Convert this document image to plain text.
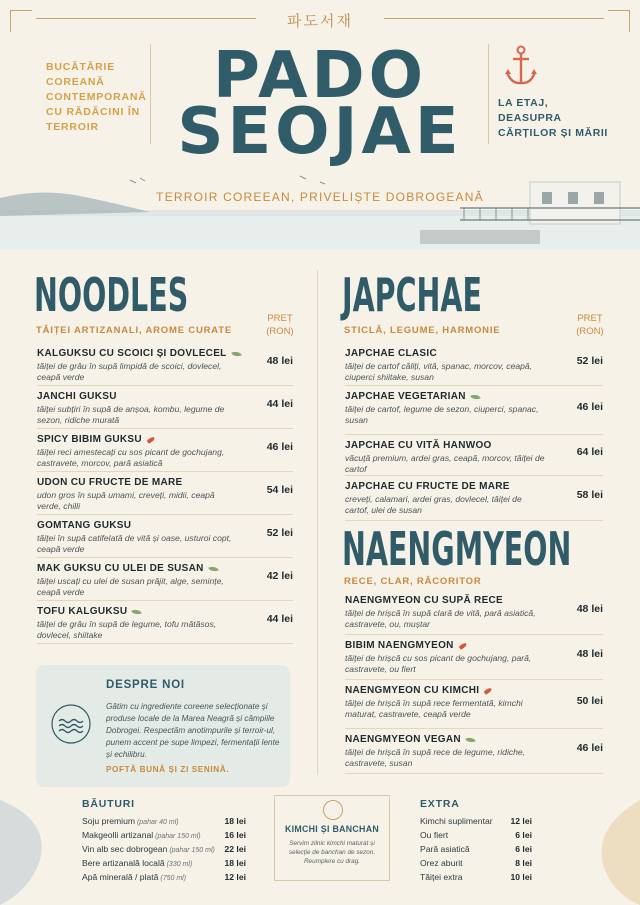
파도서재
PADO
SEOJAE
BUCĂTĂRIE COREANĂ CONTEMPORANĂ CU RĂDĂCINI ÎN TERROIR
LA ETAJ, DEASUPRA CĂRȚILOR ȘI MĂRII
TERROIR COREEAN, PRIVELIȘTE DOBROGEANĂ
NOODLES
TĂIȚEI ARTIZANALI, AROME CURATE
PREȚ
(RON)
KALGUKSU CU SCOICI ȘI DOVLECEL
tăiței de grâu în supă limpidă de scoici, dovlecel, ceapă verde
48 lei
JANCHI GUKSU
tăiței subțiri în supă de anșoa, kombu, legume de sezon, ridiche murată
44 lei
SPICY BIBIM GUKSU
tăiței reci amestecați cu sos picant de gochujang, castravete, morcov, pară asiatică
46 lei
UDON CU FRUCTE DE MARE
udon gros în supă umami, creveți, midii, ceapă verde, chilli
54 lei
GOMTANG GUKSU
tăiței în supă catifelată de vită și oase, usturoi copt, ceapă verde
52 lei
MAK GUKSU CU ULEI DE SUSAN
tăiței uscați cu ulei de susan prăjit, alge, semințe, ceapă verde
42 lei
TOFU KALGUKSU
tăiței de grâu în supă de legume, tofu mătăsos, dovlecel, shiitake
44 lei
JAPCHAE
STICLĂ, LEGUME, HARMONIE
PREȚ
(RON)
JAPCHAE CLASIC
tăiței de cartof căliți, vită, spanac, morcov, ceapă, ciuperci shiitake, susan
52 lei
JAPCHAE VEGETARIAN
tăiței de cartof, legume de sezon, ciuperci, spanac, susan
46 lei
JAPCHAE CU VITĂ HANWOO
văcuță premium, ardei gras, ceapă, morcov, tăiței de cartof
64 lei
JAPCHAE CU FRUCTE DE MARE
creveți, calamari, ardei gras, dovlecel, tăiței de cartof, ulei de susan
58 lei
NAENGMYEON
RECE, CLAR, RĂCORITOR
NAENGMYEON CU SUPĂ RECE
tăiței de hrișcă în supă clară de vită, pară asiatică, castravete, ou, muștar
48 lei
BIBIM NAENGMYEON
tăiței de hrișcă cu sos picant de gochujang, pară, castravete, ou fiert
48 lei
NAENGMYEON CU KIMCHI
tăiței de hrișcă în supă rece fermentată, kimchi maturat, castravete, ceapă verde
50 lei
NAENGMYEON VEGAN
tăiței de hrișcă în supă rece de legume, ridiche, castravete, susan
46 lei
DESPRE NOI
Gătim cu ingrediente coreene selecționate și produse locale de la Marea Neagră și câmpiile Dobrogei. Respectăm anotimpurile și terroir-ul, punem accent pe supe limpezi, fermentații lente și echilibru.
POFTĂ BUNĂ ȘI ZI SENINĂ.
BĂUTURI
Soju premium (pahar 40 ml)	18 lei
Makgeolli artizanal (pahar 150 ml)	16 lei
Vin alb sec dobrogean (pahar 150 ml) 22 lei
Bere artizanală locală (330 ml)	18 lei
Apă minerală / plată (750 ml)	12 lei
KIMCHI ȘI BANCHAN
Servim zilnic kimchi maturat și selecție de banchan de sezon. Reumplere cu drag.
EXTRA
Kimchi suplimentar 12 lei
Ou fiert	6 lei
Pară asiatică	6 lei
Orez aburit	8 lei
Tăiței extra	10 lei
